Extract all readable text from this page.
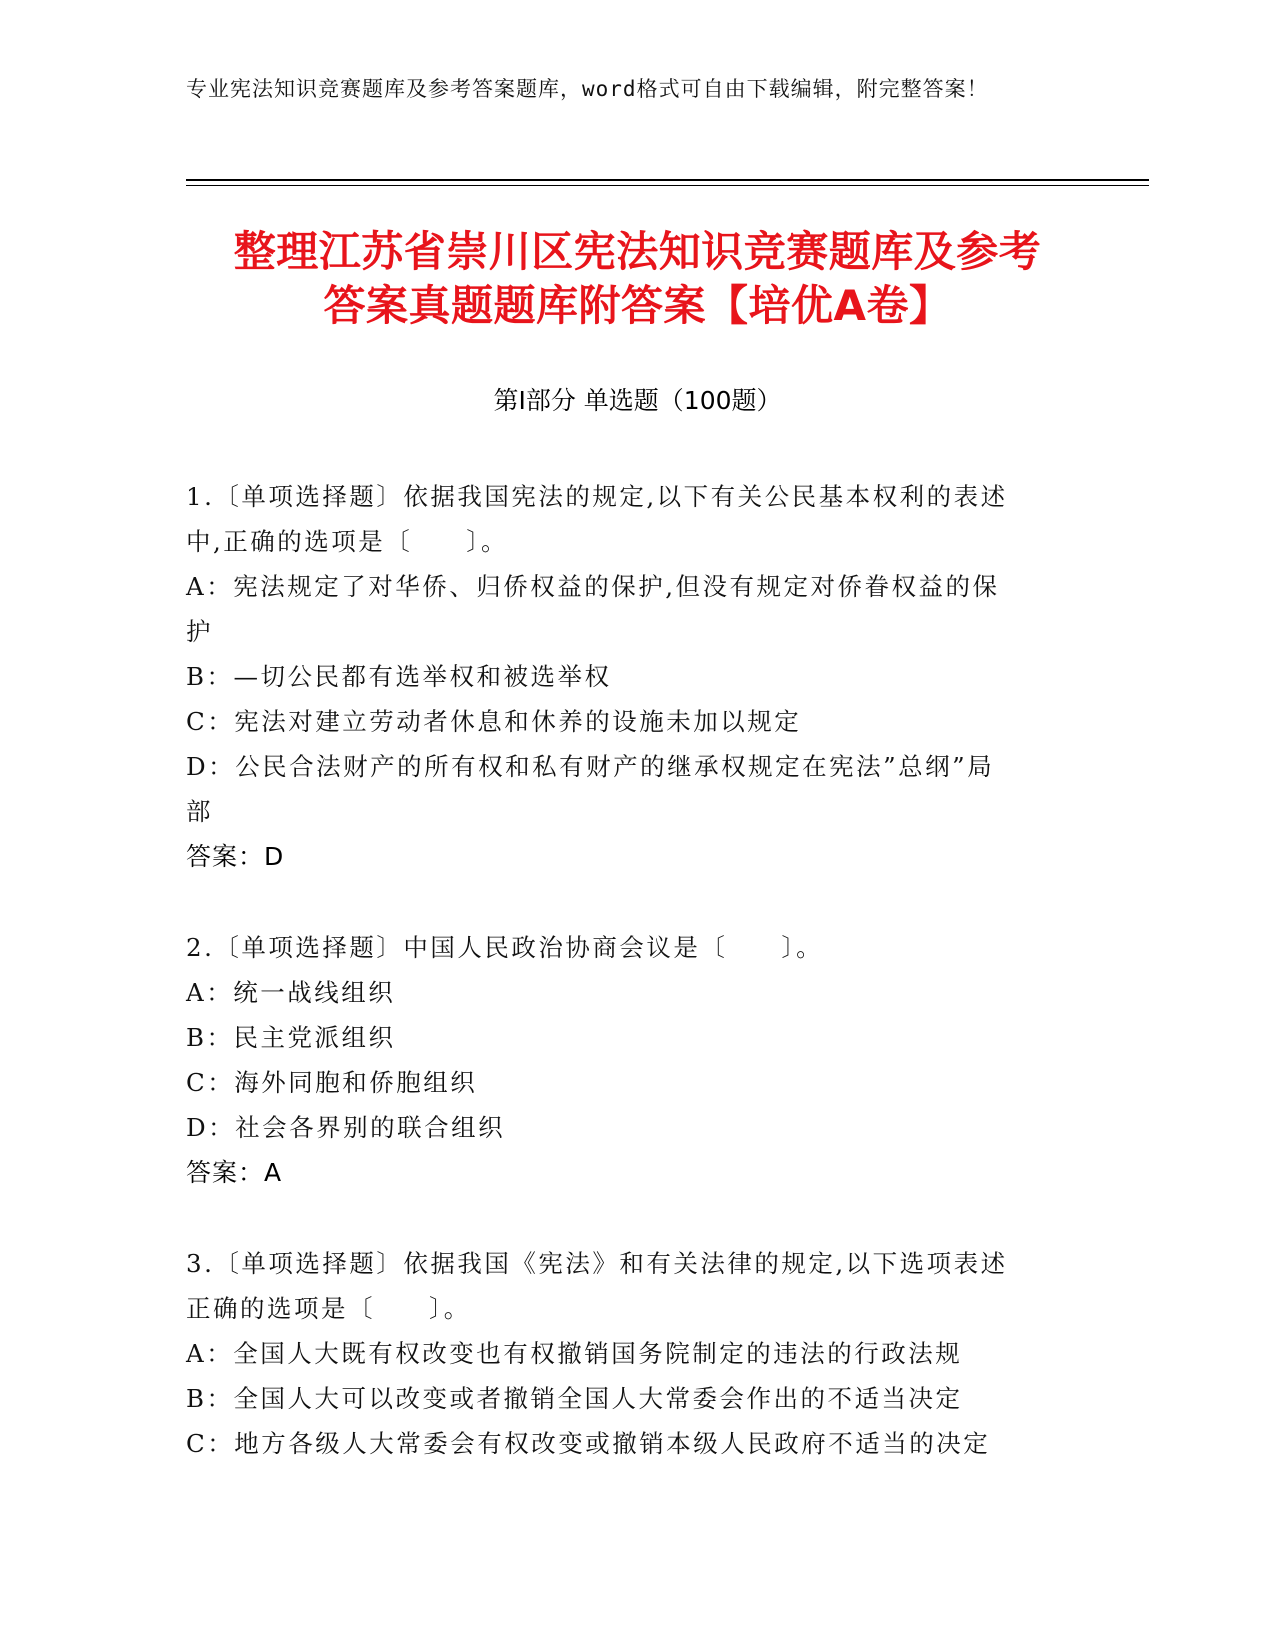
专业宪法知识竞赛题库及参考答案题库，word格式可自由下载编辑，附完整答案！
整理江苏省崇川区宪法知识竞赛题库及参考
答案真题题库附答案【培优A卷】
第Ⅰ部分 单选题（100题）
1.〔单项选择题〕依据我国宪法的规定,以下有关公民基本权利的表述
中,正确的选项是〔　　〕。
A：宪法规定了对华侨、归侨权益的保护,但没有规定对侨眷权益的保
护
B：—切公民都有选举权和被选举权
C：宪法对建立劳动者休息和休养的设施未加以规定
D：公民合法财产的所有权和私有财产的继承权规定在宪法”总纲”局
部
答案：D
2.〔单项选择题〕中国人民政治协商会议是〔　　〕。
A：统一战线组织
B：民主党派组织
C：海外同胞和侨胞组织
D：社会各界别的联合组织
答案：A
3.〔单项选择题〕依据我国《宪法》和有关法律的规定,以下选项表述
正确的选项是〔　　〕。
A：全国人大既有权改变也有权撤销国务院制定的违法的行政法规
B：全国人大可以改变或者撤销全国人大常委会作出的不适当决定
C：地方各级人大常委会有权改变或撤销本级人民政府不适当的决定
